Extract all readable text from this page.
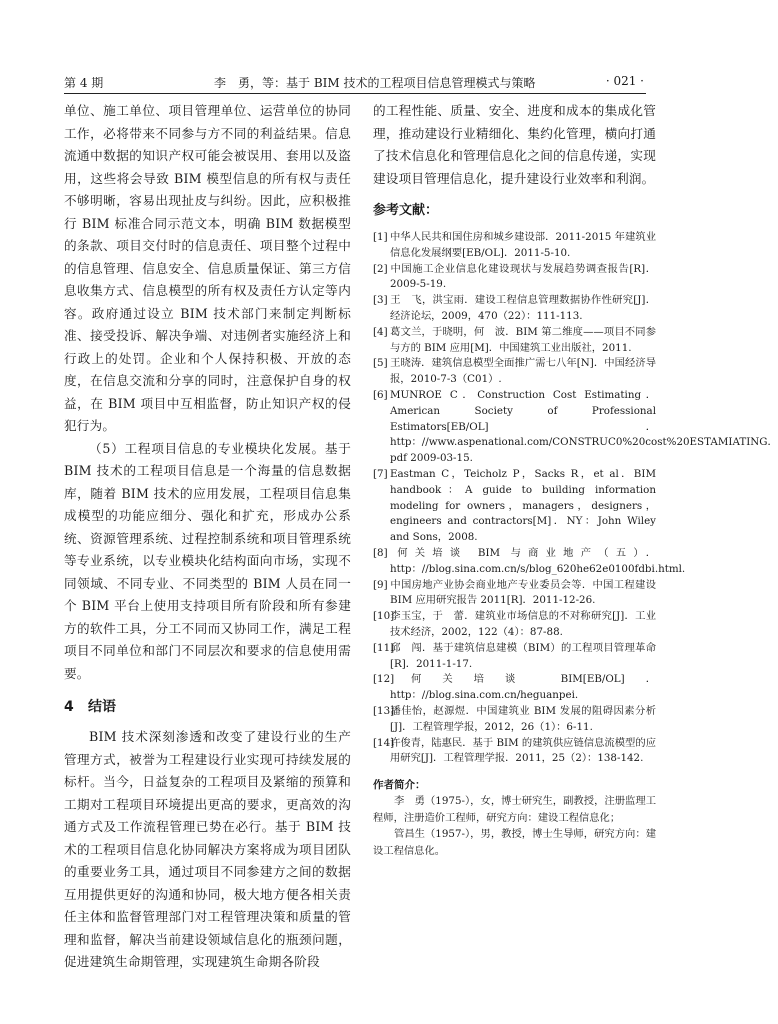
第 4 期	李　勇，等：基于 BIM 技术的工程项目信息管理模式与策略	· 021 ·

单位、施工单位、项目管理单位、运营单位的协同工作，必将带来不同参与方不同的利益结果。信息流通中数据的知识产权可能会被误用、套用以及盗用，这些将会导致 BIM 模型信息的所有权与责任不够明晰，容易出现扯皮与纠纷。因此，应积极推行 BIM 标准合同示范文本，明确 BIM 数据模型的条款、项目交付时的信息责任、项目整个过程中的信息管理、信息安全、信息质量保证、第三方信息收集方式、信息模型的所有权及责任方认定等内容。政府通过设立 BIM 技术部门来制定判断标准、接受投诉、解决争端、对违例者实施经济上和行政上的处罚。企业和个人保持积极、开放的态度，在信息交流和分享的同时，注意保护自身的权益，在 BIM 项目中互相监督，防止知识产权的侵犯行为。

（5）工程项目信息的专业模块化发展。基于 BIM 技术的工程项目信息是一个海量的信息数据库，随着 BIM 技术的应用发展，工程项目信息集成模型的功能应细分、强化和扩充，形成办公系统、资源管理系统、过程控制系统和项目管理系统等专业系统，以专业模块化结构面向市场，实现不同领域、不同专业、不同类型的 BIM 人员在同一个 BIM 平台上使用支持项目所有阶段和所有参建方的软件工具，分工不同而又协同工作，满足工程项目不同单位和部门不同层次和要求的信息使用需要。

4 结语

BIM 技术深刻渗透和改变了建设行业的生产管理方式，被誉为工程建设行业实现可持续发展的标杆。当今，日益复杂的工程项目及紧缩的预算和工期对工程项目环境提出更高的要求，更高效的沟通方式及工作流程管理已势在必行。基于 BIM 技术的工程项目信息化协同解决方案将成为项目团队的重要业务工具，通过项目不同参建方之间的数据互用提供更好的沟通和协同，极大地方便各相关责任主体和监督管理部门对工程管理决策和质量的管理和监督，解决当前建设领域信息化的瓶颈问题，促进建筑生命期管理，实现建筑生命期各阶段

的工程性能、质量、安全、进度和成本的集成化管理，推动建设行业精细化、集约化管理，横向打通了技术信息化和管理信息化之间的信息传递，实现建设项目管理信息化，提升建设行业效率和利润。

参考文献：
[1] 中华人民共和国住房和城乡建设部．2011-2015 年建筑业信息化发展纲要[EB/OL]．2011-5-10.
[2] 中国施工企业信息化建设现状与发展趋势调查报告[R]．2009-5-19.
[3] 王　飞，洪宝雨．建设工程信息管理数据协作性研究[J]．经济论坛，2009，470（22）：111-113.
[4] 葛文兰，于晓明，何　波．BIM 第二维度——项目不同参与方的 BIM 应用[M]．中国建筑工业出版社，2011.
[5] 王晓涛．建筑信息模型全面推广需七八年[N]．中国经济导报，2010-7-3（C01）.
[6] MUNROE C．Construction Cost Estimating．American Society of Professional Estimators[EB/OL]．http：//www.aspenational.com/CONSTRUC0%20cost%20ESTAMIATING．pdf 2009-03-15.
[7] Eastman C，Teicholz P，Sacks R，et al．BIM handbook：A guide to building information modeling for owners，managers，designers，engineers and contractors[M]．NY：John Wiley and Sons，2008.
[8] 何关培谈 BIM 与商业地产（五）．http：//blog.sina.com.cn/s/blog_620he62e0100fdbi.html.
[9] 中国房地产业协会商业地产专业委员会等．中国工程建设 BIM 应用研究报告 2011[R]．2011-12-26.
[10]李玉宝，于　蕾．建筑业市场信息的不对称研究[J]．工业技术经济，2002，122（4）：87-88.
[11]邱　闯．基于建筑信息建模（BIM）的工程项目管理革命[R]．2011-1-17.
[12]何关培谈 BIM[EB/OL]．http：//blog.sina.com.cn/heguanpei.
[13]潘佳怡，赵源煜．中国建筑业 BIM 发展的阻碍因素分析[J]．工程管理学报，2012，26（1）：6-11.
[14]许俊青，陆惠民．基于 BIM 的建筑供应链信息流模型的应用研究[J]．工程管理学报．2011，25（2）：138-142.
作者简介：
李　勇（1975-），女，博士研究生，副教授，注册监理工程师，注册造价工程师，研究方向：建设工程信息化；
管昌生（1957-），男，教授，博士生导师，研究方向：建设工程信息化。
